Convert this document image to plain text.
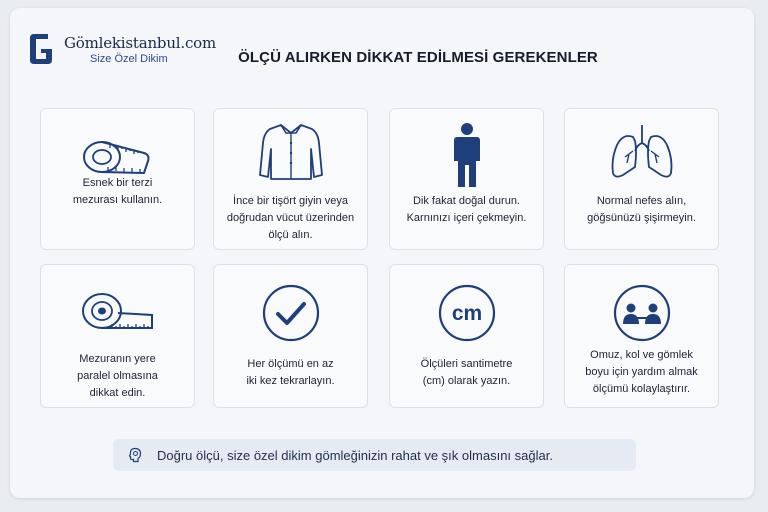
Gömlekistanbul.com
Size Özel Dikim	ÖLÇÜ ALIRKEN DİKKAT EDİLMESİ GEREKENLER
Esnek bir terzi
mezurası kullanın.	İnce bir tişört giyin veya
doğrudan vücut üzerinden
ölçü alın.
Dik fakat doğal durun.
Karnınızı içeri çekmeyin.
Normal nefes alın,
göğsünüzü şişirmeyin.
Mezuranın yere
paralel olmasına
dikkat edin.
Her ölçümü en az
iki kez tekrarlayın.
cm
Ölçüleri santimetre
(cm) olarak yazın.
Omuz, kol ve gömlek
boyu için yardım almak
ölçümü kolaylaştırır.
Doğru ölçü, size özel dikim gömleğinizin rahat ve şık olmasını sağlar.
